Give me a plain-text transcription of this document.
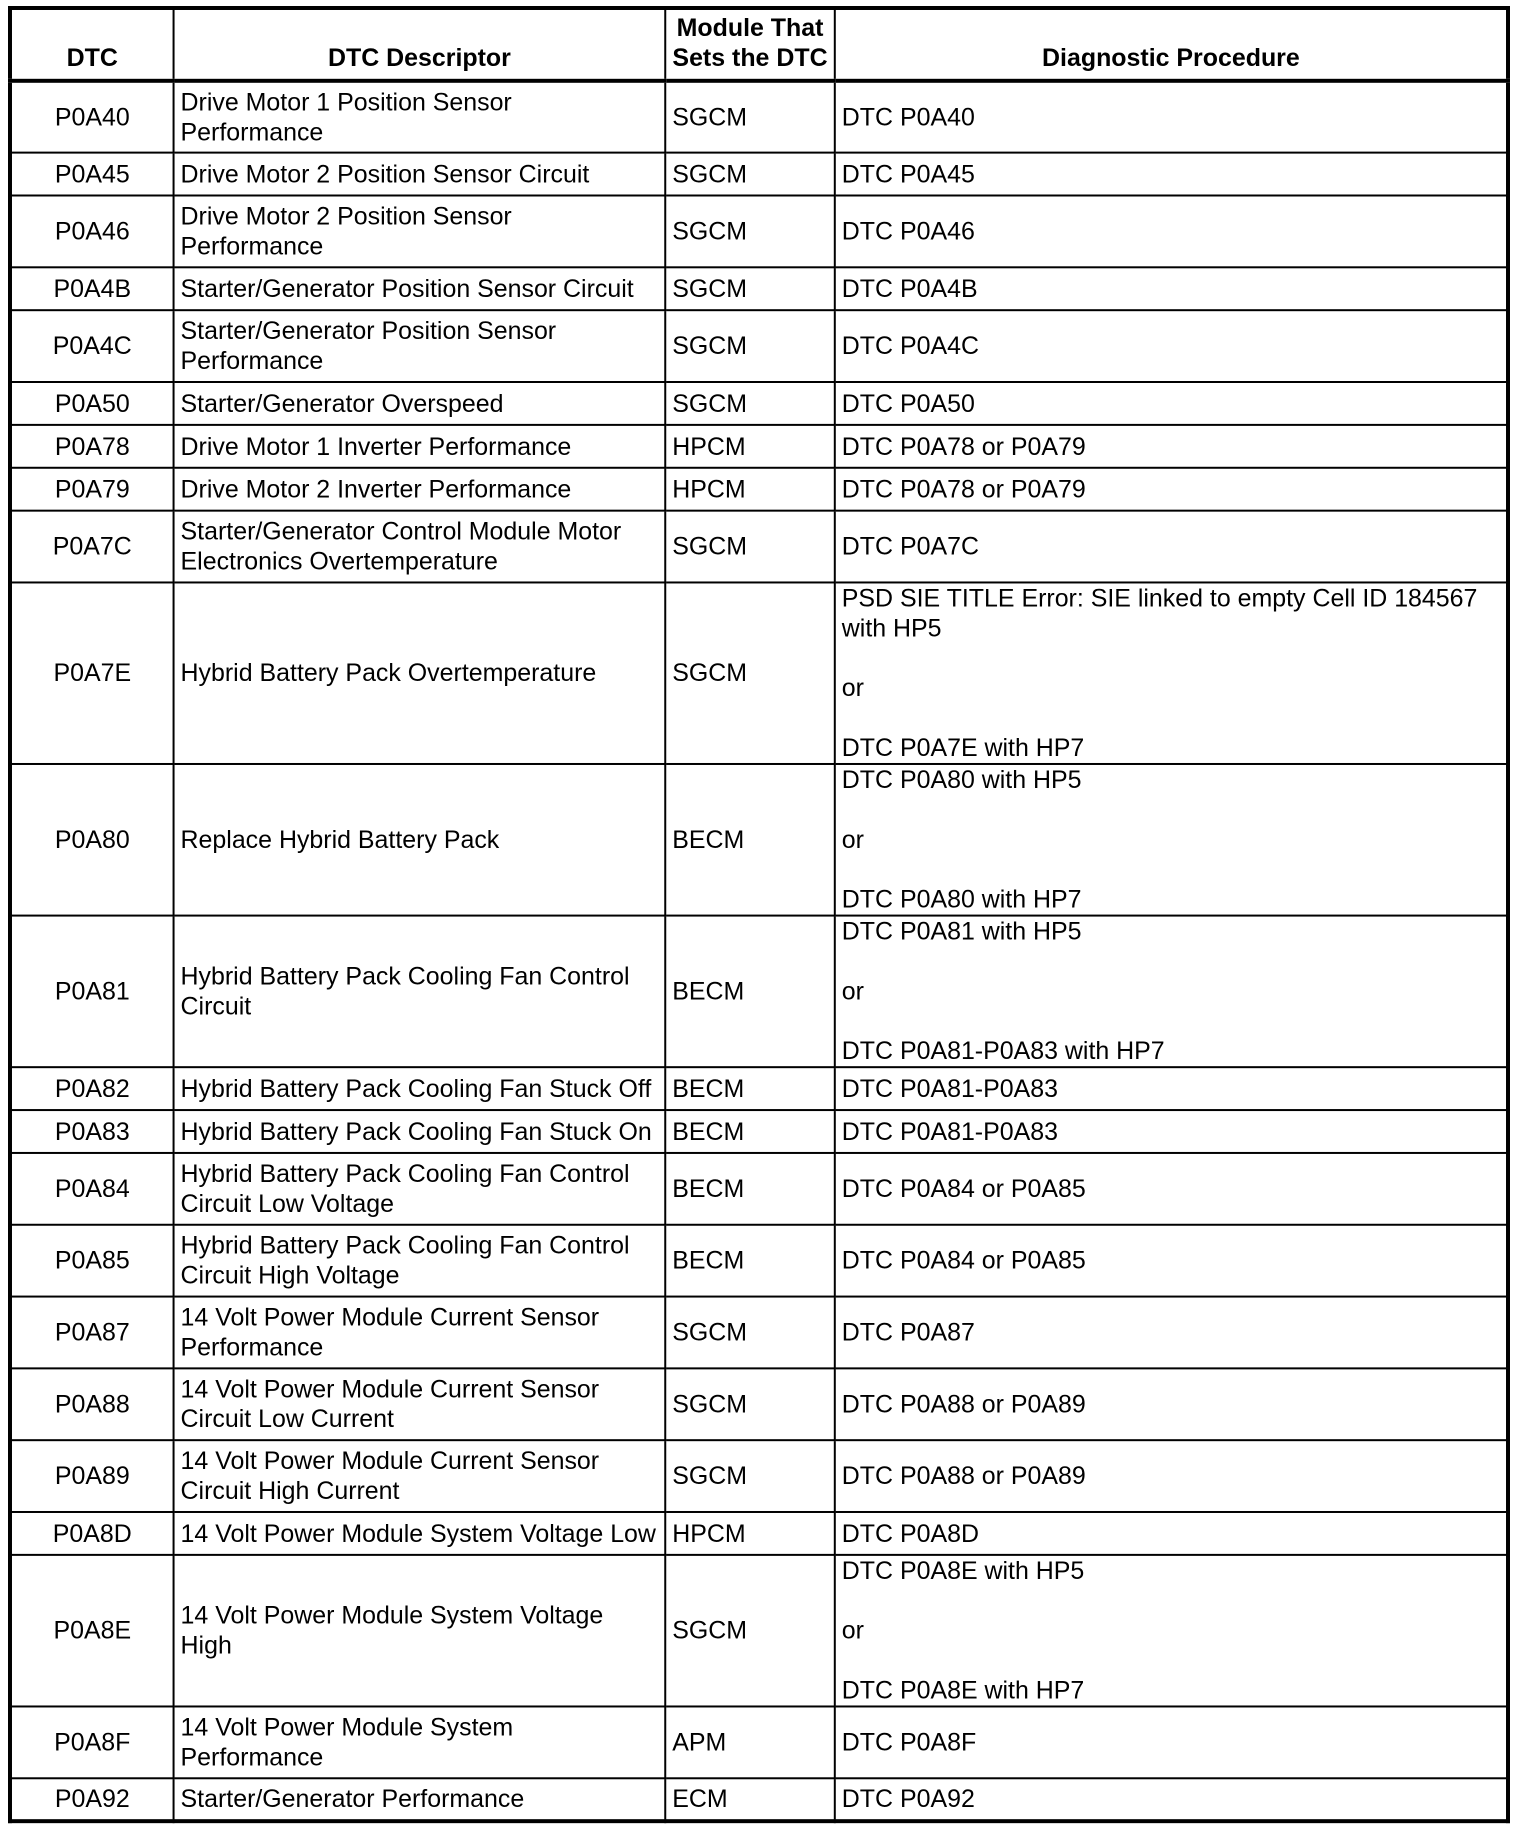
DTC	DTC Descriptor	Module That Sets the DTC	Diagnostic Procedure
P0A40	Drive Motor 1 Position Sensor Performance	SGCM	DTC P0A40
P0A45	Drive Motor 2 Position Sensor Circuit	SGCM	DTC P0A45
P0A46	Drive Motor 2 Position Sensor Performance	SGCM	DTC P0A46
P0A4B	Starter/Generator Position Sensor Circuit	SGCM	DTC P0A4B
P0A4C	Starter/Generator Position Sensor Performance	SGCM	DTC P0A4C
P0A50	Starter/Generator Overspeed	SGCM	DTC P0A50
P0A78	Drive Motor 1 Inverter Performance	HPCM	DTC P0A78 or P0A79
P0A79	Drive Motor 2 Inverter Performance	HPCM	DTC P0A78 or P0A79
P0A7C	Starter/Generator Control Module Motor Electronics Overtemperature	SGCM	DTC P0A7C
P0A7E	Hybrid Battery Pack Overtemperature	SGCM	PSD SIE TITLE Error: SIE linked to empty Cell ID 184567 with HP5

or

DTC P0A7E with HP7
P0A80	Replace Hybrid Battery Pack	BECM	DTC P0A80 with HP5

or

DTC P0A80 with HP7
P0A81	Hybrid Battery Pack Cooling Fan Control Circuit	BECM	DTC P0A81 with HP5

or

DTC P0A81-P0A83 with HP7
P0A82	Hybrid Battery Pack Cooling Fan Stuck Off	BECM	DTC P0A81-P0A83
P0A83	Hybrid Battery Pack Cooling Fan Stuck On	BECM	DTC P0A81-P0A83
P0A84	Hybrid Battery Pack Cooling Fan Control Circuit Low Voltage	BECM	DTC P0A84 or P0A85
P0A85	Hybrid Battery Pack Cooling Fan Control Circuit High Voltage	BECM	DTC P0A84 or P0A85
P0A87	14 Volt Power Module Current Sensor Performance	SGCM	DTC P0A87
P0A88	14 Volt Power Module Current Sensor Circuit Low Current	SGCM	DTC P0A88 or P0A89
P0A89	14 Volt Power Module Current Sensor Circuit High Current	SGCM	DTC P0A88 or P0A89
P0A8D	14 Volt Power Module System Voltage Low	HPCM	DTC P0A8D
P0A8E	14 Volt Power Module System Voltage High	SGCM	DTC P0A8E with HP5

or

DTC P0A8E with HP7
P0A8F	14 Volt Power Module System Performance	APM	DTC P0A8F
P0A92	Starter/Generator Performance	ECM	DTC P0A92
